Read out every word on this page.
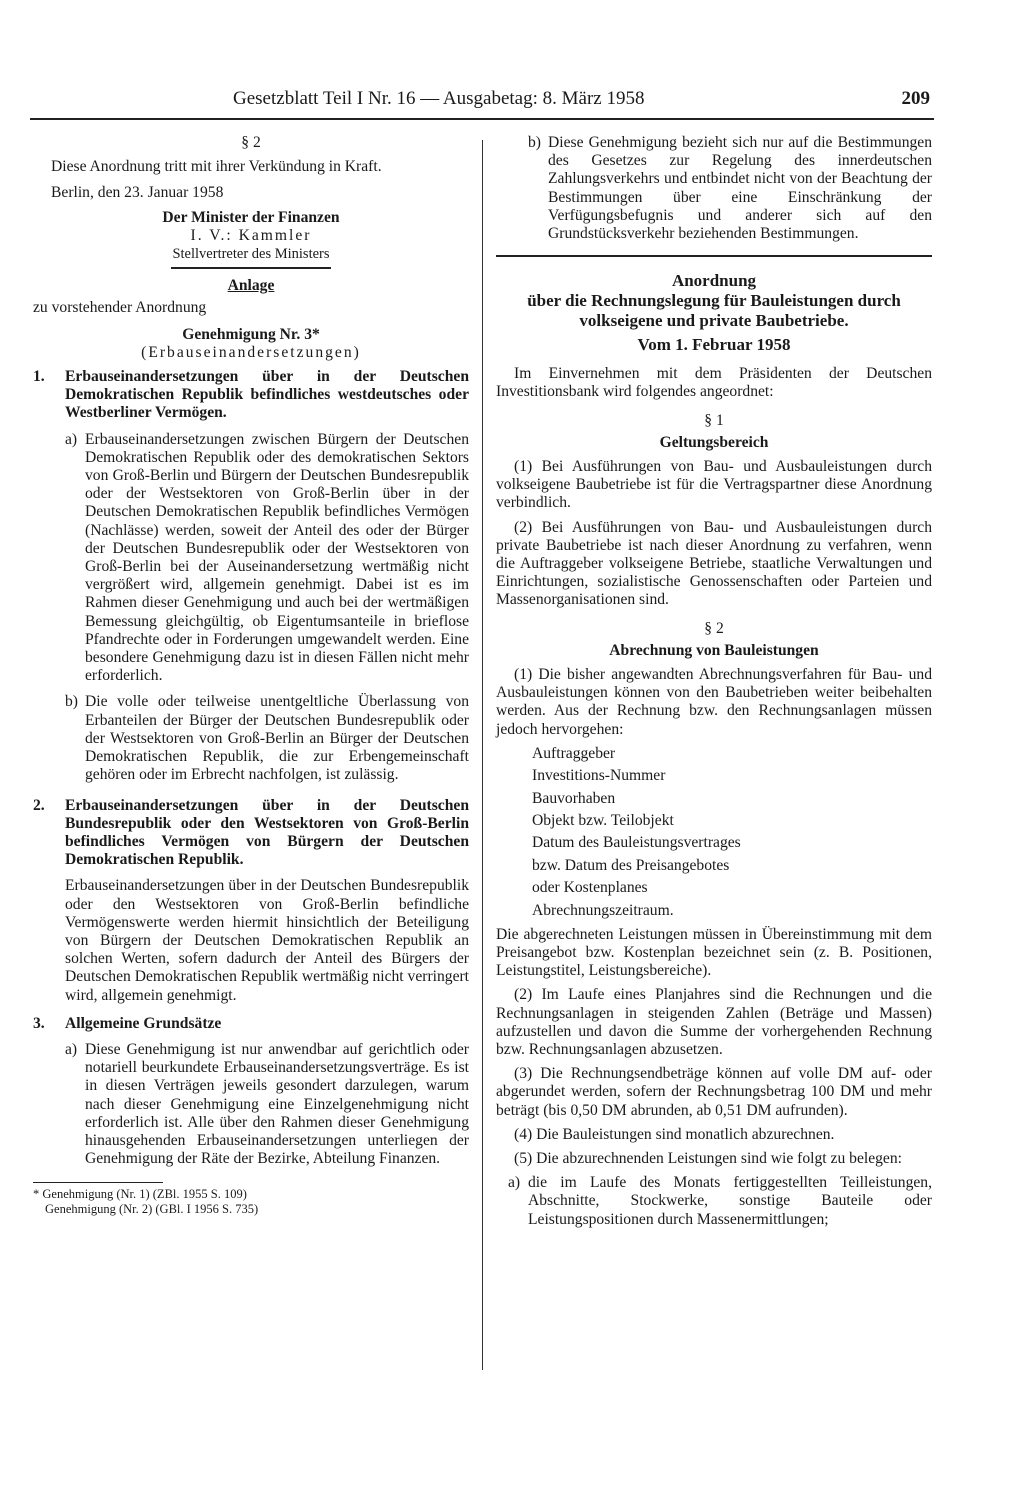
Gesetzblatt Teil I Nr. 16 — Ausgabetag: 8. März 1958	209
§ 2

Diese Anordnung tritt mit ihrer Verkündung in Kraft.

Berlin, den 23. Januar 1958

Der Minister der Finanzen

I. V.: Kammler

Stellvertreter des Ministers

Anlage

zu vorstehender Anordnung

Genehmigung Nr. 3*
(Erbauseinandersetzungen)
1.	Erbauseinandersetzungen über in der Deutschen Demokratischen Republik befindliches westdeutsches oder Westberliner Vermögen.
a) Erbauseinandersetzungen zwischen Bürgern der Deutschen Demokratischen Republik oder des demokratischen Sektors von Groß-Berlin und Bürgern der Deutschen Bundesrepublik oder der Westsektoren von Groß-Berlin über in der Deutschen Demokratischen Republik befindliches Vermögen (Nachlässe) werden, soweit der Anteil des oder der Bürger der Deutschen Bundesrepublik oder der Westsektoren von Groß-Berlin bei der Auseinandersetzung wertmäßig nicht vergrößert wird, allgemein genehmigt. Dabei ist es im Rahmen dieser Genehmigung und auch bei der wertmäßigen Bemessung gleichgültig, ob Eigentumsanteile in brieflose Pfandrechte oder in Forderungen umgewandelt werden. Eine besondere Genehmigung dazu ist in diesen Fällen nicht mehr erforderlich.
b) Die volle oder teilweise unentgeltliche Überlassung von Erbanteilen der Bürger der Deutschen Bundesrepublik oder der Westsektoren von Groß-Berlin an Bürger der Deutschen Demokratischen Republik, die zur Erbengemeinschaft gehören oder im Erbrecht nachfolgen, ist zulässig.
2.	Erbauseinandersetzungen über in der Deutschen Bundesrepublik oder den Westsektoren von Groß-Berlin befindliches Vermögen von Bürgern der Deutschen Demokratischen Republik.

Erbauseinandersetzungen über in der Deutschen Bundesrepublik oder den Westsektoren von Groß-Berlin befindliche Vermögenswerte werden hiermit hinsichtlich der Beteiligung von Bürgern der Deutschen Demokratischen Republik an solchen Werten, sofern dadurch der Anteil des Bürgers der Deutschen Demokratischen Republik wertmäßig nicht verringert wird, allgemein genehmigt.

3.	Allgemeine Grundsätze
a) Diese Genehmigung ist nur anwendbar auf gerichtlich oder notariell beurkundete Erbauseinandersetzungsverträge. Es ist in diesen Verträgen jeweils gesondert darzulegen, warum nach dieser Genehmigung eine Einzelgenehmigung nicht erforderlich ist. Alle über den Rahmen dieser Genehmigung hinausgehenden Erbauseinandersetzungen unterliegen der Genehmigung der Räte der Bezirke, Abteilung Finanzen.

* Genehmigung (Nr. 1) (ZBl. 1955 S. 109)

Genehmigung (Nr. 2) (GBl. I 1956 S. 735)

b) Diese Genehmigung bezieht sich nur auf die Bestimmungen des Gesetzes zur Regelung des innerdeutschen Zahlungsverkehrs und entbindet nicht von der Beachtung der Bestimmungen über eine Einschränkung der Verfügungsbefugnis und anderer sich auf den Grundstücksverkehr beziehenden Bestimmungen.
Anordnung
über die Rechnungslegung für Bauleistungen durch volkseigene und private Baubetriebe.
Vom 1. Februar 1958

Im Einvernehmen mit dem Präsidenten der Deutschen Investitionsbank wird folgendes angeordnet:

§ 1
Geltungsbereich

(1) Bei Ausführungen von Bau- und Ausbauleistungen durch volkseigene Baubetriebe ist für die Vertragspartner diese Anordnung verbindlich.

(2) Bei Ausführungen von Bau- und Ausbauleistungen durch private Baubetriebe ist nach dieser Anordnung zu verfahren, wenn die Auftraggeber volkseigene Betriebe, staatliche Verwaltungen und Einrichtungen, sozialistische Genossenschaften oder Parteien und Massenorganisationen sind.

§ 2
Abrechnung von Bauleistungen

(1) Die bisher angewandten Abrechnungsverfahren für Bau- und Ausbauleistungen können von den Baubetrieben weiter beibehalten werden. Aus der Rechnung bzw. den Rechnungsanlagen müssen jedoch hervorgehen:

Auftraggeber
Investitions-Nummer
Bauvorhaben
Objekt bzw. Teilobjekt
Datum des Bauleistungsvertrages
bzw. Datum des Preisangebotes
oder Kostenplanes
Abrechnungszeitraum.

Die abgerechneten Leistungen müssen in Übereinstimmung mit dem Preisangebot bzw. Kostenplan bezeichnet sein (z. B. Positionen, Leistungstitel, Leistungsbereiche).

(2) Im Laufe eines Planjahres sind die Rechnungen und die Rechnungsanlagen in steigenden Zahlen (Beträge und Massen) aufzustellen und davon die Summe der vorhergehenden Rechnung bzw. Rechnungsanlagen abzusetzen.

(3) Die Rechnungsendbeträge können auf volle DM auf- oder abgerundet werden, sofern der Rechnungsbetrag 100 DM und mehr beträgt (bis 0,50 DM abrunden, ab 0,51 DM aufrunden).

(4) Die Bauleistungen sind monatlich abzurechnen.

(5) Die abzurechnenden Leistungen sind wie folgt zu belegen:

a) die im Laufe des Monats fertiggestellten Teilleistungen, Abschnitte, Stockwerke, sonstige Bauteile oder Leistungspositionen durch Massenermittlungen;
